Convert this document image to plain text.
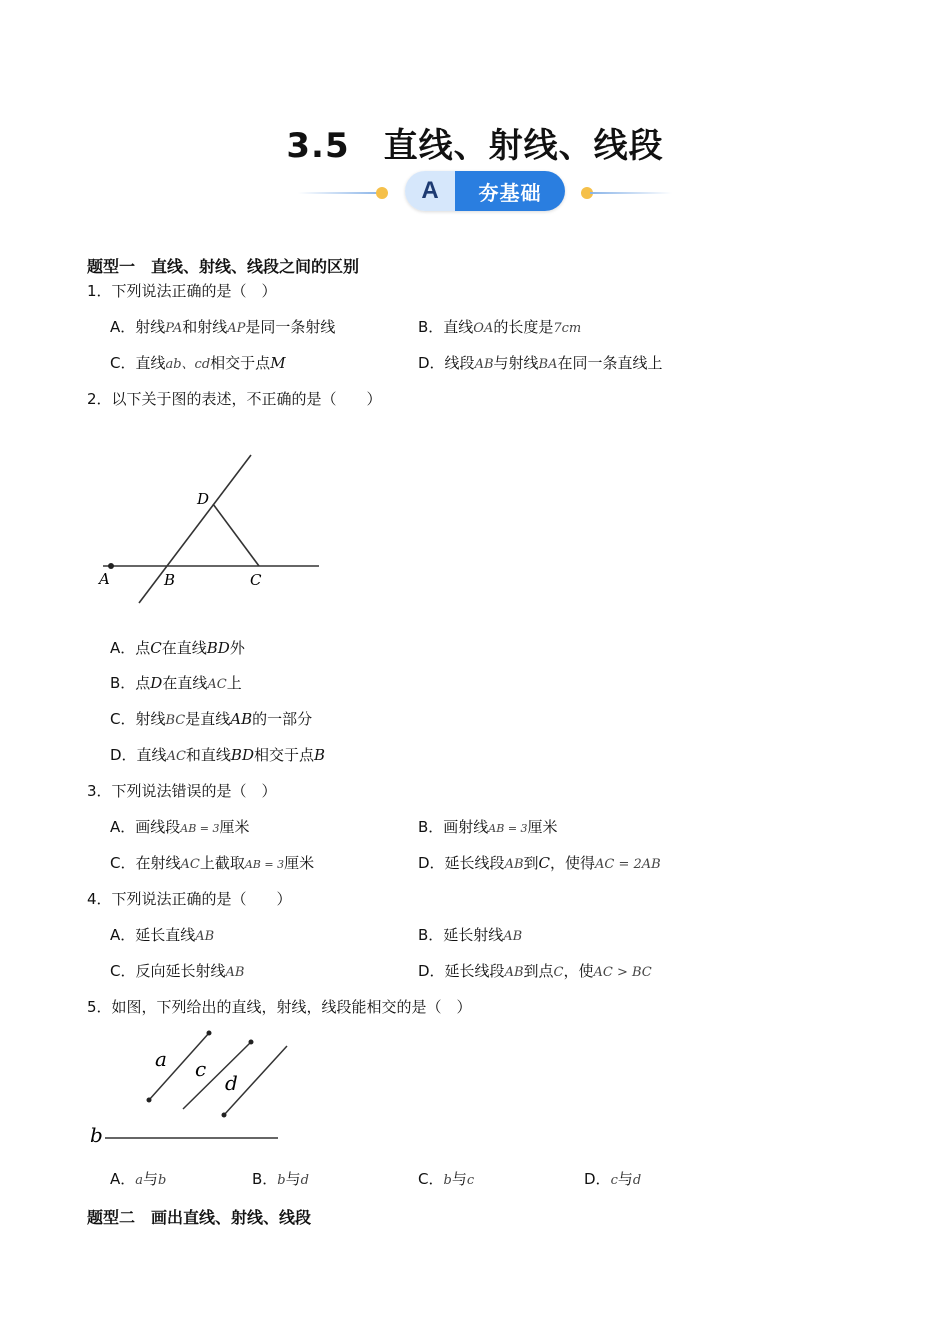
3.5 直线、射线、线段
A	夯基础
题型一　直线、射线、线段之间的区别
1．下列说法正确的是（　）
A．射线PA和射线AP是同一条射线	B．直线OA的长度是7cm
C．直线ab、cd相交于点M	D．线段AB与射线BA在同一条直线上
2．以下关于图的表述，不正确的是（　　）
A	B	C
D
A．点C在直线BD外
B．点D在直线AC上
C．射线BC是直线AB的一部分
D．直线AC和直线BD相交于点B
3．下列说法错误的是（　）
A．画线段AB = 3厘米	B．画射线AB = 3厘米
C．在射线AC上截取AB = 3厘米	D．延长线段AB到C，使得AC = 2AB
4．下列说法正确的是（　　）
A．延长直线AB	B．延长射线AB
C．反向延长射线AB	D．延长线段AB到点C，使AC > BC
5．如图，下列给出的直线，射线，线段能相交的是（　）
a c
d
b
A．a与b	B．b与d	C．b与c	D．c与d
题型二　画出直线、射线、线段
